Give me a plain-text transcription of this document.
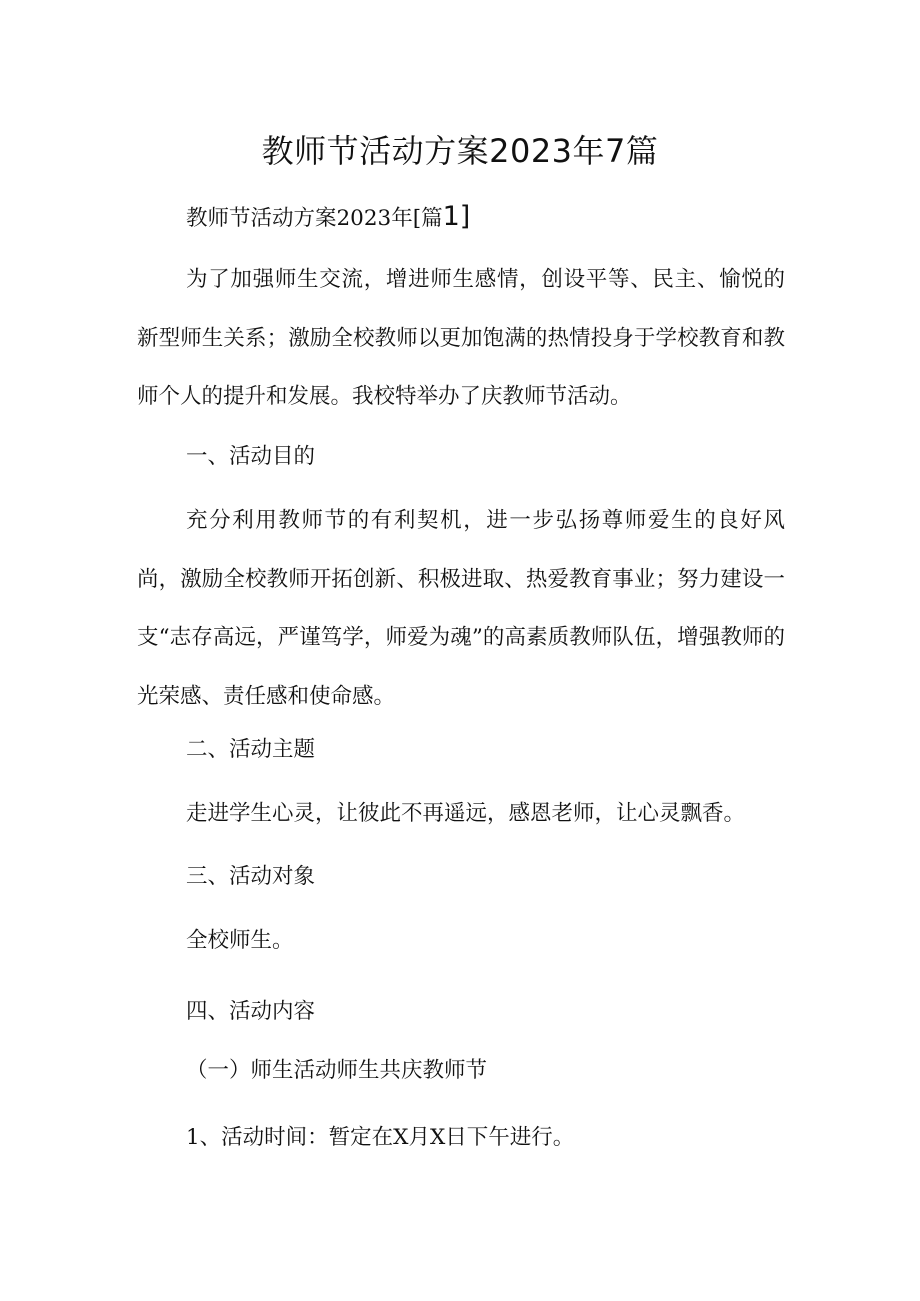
教师节活动方案2023年7篇
教师节活动方案2023年[篇1]

为了加强师生交流，增进师生感情，创设平等、民主、愉悦的新型师生关系；激励全校教师以更加饱满的热情投身于学校教育和教师个人的提升和发展。我校特举办了庆教师节活动。

一、活动目的

充分利用教师节的有利契机，进一步弘扬尊师爱生的良好风尚，激励全校教师开拓创新、积极进取、热爱教育事业；努力建设一支“志存高远，严谨笃学，师爱为魂”的高素质教师队伍，增强教师的光荣感、责任感和使命感。

二、活动主题
走进学生心灵，让彼此不再遥远，感恩老师，让心灵飘香。
三、活动对象
全校师生。
四、活动内容
（一）师生活动师生共庆教师节
1、活动时间：暂定在X月X日下午进行。
